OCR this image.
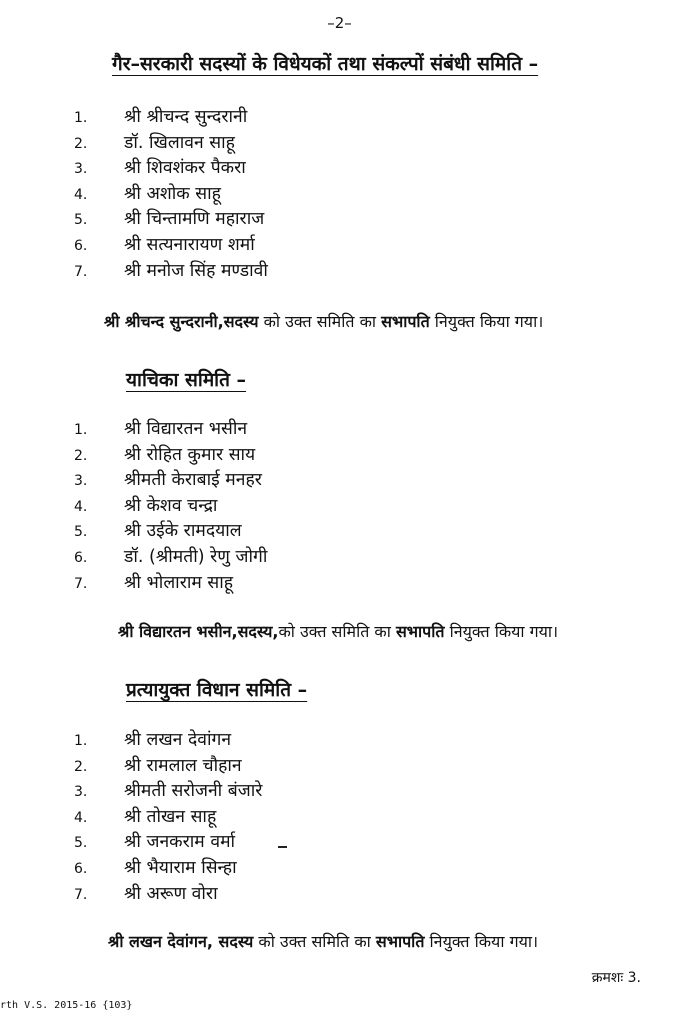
–2–
गैर–सरकारी सदस्यों के विधेयकों तथा संकल्पों संबंधी समिति –
1. श्री श्रीचन्द सुन्दरानी
2. डॉ. खिलावन साहू
3. श्री शिवशंकर पैकरा
4. श्री अशोक साहू
5. श्री चिन्तामणि महाराज
6. श्री सत्यनारायण शर्मा
7. श्री मनोज सिंह मण्डावी
श्री श्रीचन्द सुन्दरानी,सदस्य को उक्त समिति का सभापति नियुक्त किया गया।
याचिका समिति –
1. श्री विद्यारतन भसीन
2. श्री रोहित कुमार साय
3. श्रीमती केराबाई मनहर
4. श्री केशव चन्द्रा
5. श्री उईके रामदयाल
6. डॉ. (श्रीमती) रेणु जोगी
7. श्री भोलाराम साहू
श्री विद्यारतन भसीन,सदस्य,को उक्त समिति का सभापति नियुक्त किया गया।
प्रत्यायुक्त विधान समिति –
1. श्री लखन देवांगन
2. श्री रामलाल चौहान
3. श्रीमती सरोजनी बंजारे
4. श्री तोखन साहू
5. श्री जनकराम वर्मा
6. श्री भैयाराम सिन्हा
7. श्री अरूण वोरा
श्री लखन देवांगन, सदस्य को उक्त समिति का सभापति नियुक्त किया गया।
क्रमशः 3.
rth V.S. 2015-16 {103}
